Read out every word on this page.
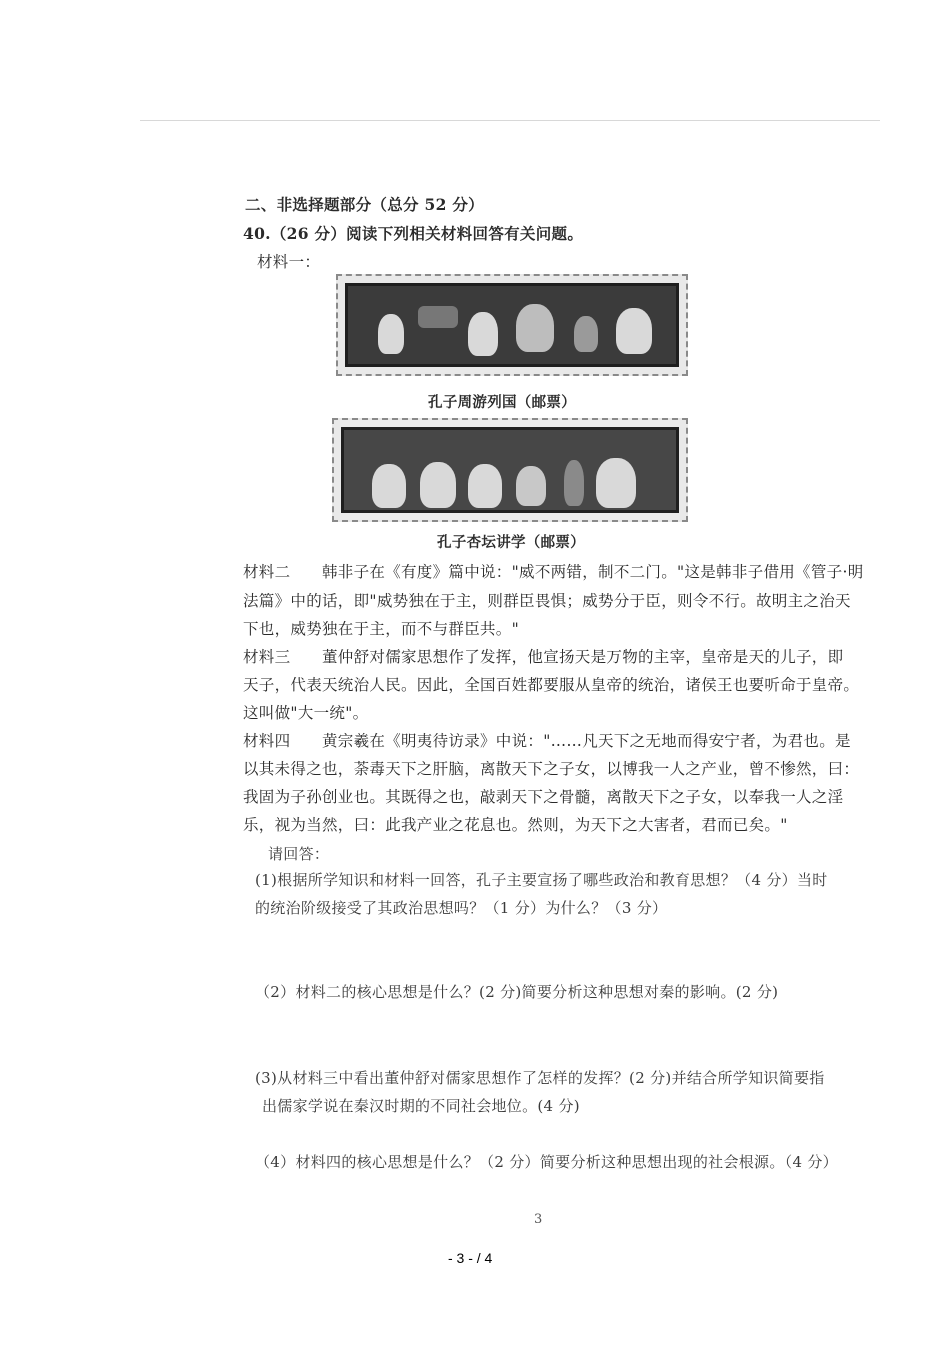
二、非选择题部分（总分 52 分）
40.（26 分）阅读下列相关材料回答有关问题。
材料一：
孔子周游列国（邮票）
孔子杏坛讲学（邮票）
材料二　　韩非子在《有度》篇中说："威不两错，制不二门。"这是韩非子借用《管子·明
法篇》中的话，即"威势独在于主，则群臣畏惧；威势分于臣，则令不行。故明主之治天
下也，威势独在于主，而不与群臣共。"
材料三　　董仲舒对儒家思想作了发挥，他宣扬天是万物的主宰，皇帝是天的儿子，即
天子，代表天统治人民。因此，全国百姓都要服从皇帝的统治，诸侯王也要听命于皇帝。
这叫做"大一统"。
材料四　　黄宗羲在《明夷待访录》中说："……凡天下之无地而得安宁者，为君也。是
以其未得之也，荼毒天下之肝脑，离散天下之子女，以博我一人之产业，曾不惨然，曰：
我固为子孙创业也。其既得之也，敲剥天下之骨髓，离散天下之子女，以奉我一人之淫
乐，视为当然，曰：此我产业之花息也。然则，为天下之大害者，君而已矣。"
请回答：
(1)根据所学知识和材料一回答，孔子主要宣扬了哪些政治和教育思想？（4 分）当时
的统治阶级接受了其政治思想吗？（1 分）为什么？（3 分）
（2）材料二的核心思想是什么？(2 分)简要分析这种思想对秦的影响。(2 分)
(3)从材料三中看出董仲舒对儒家思想作了怎样的发挥？(2 分)并结合所学知识简要指
出儒家学说在秦汉时期的不同社会地位。(4 分)
（4）材料四的核心思想是什么？（2 分）简要分析这种思想出现的社会根源。（4 分）
3
- 3 - / 4
